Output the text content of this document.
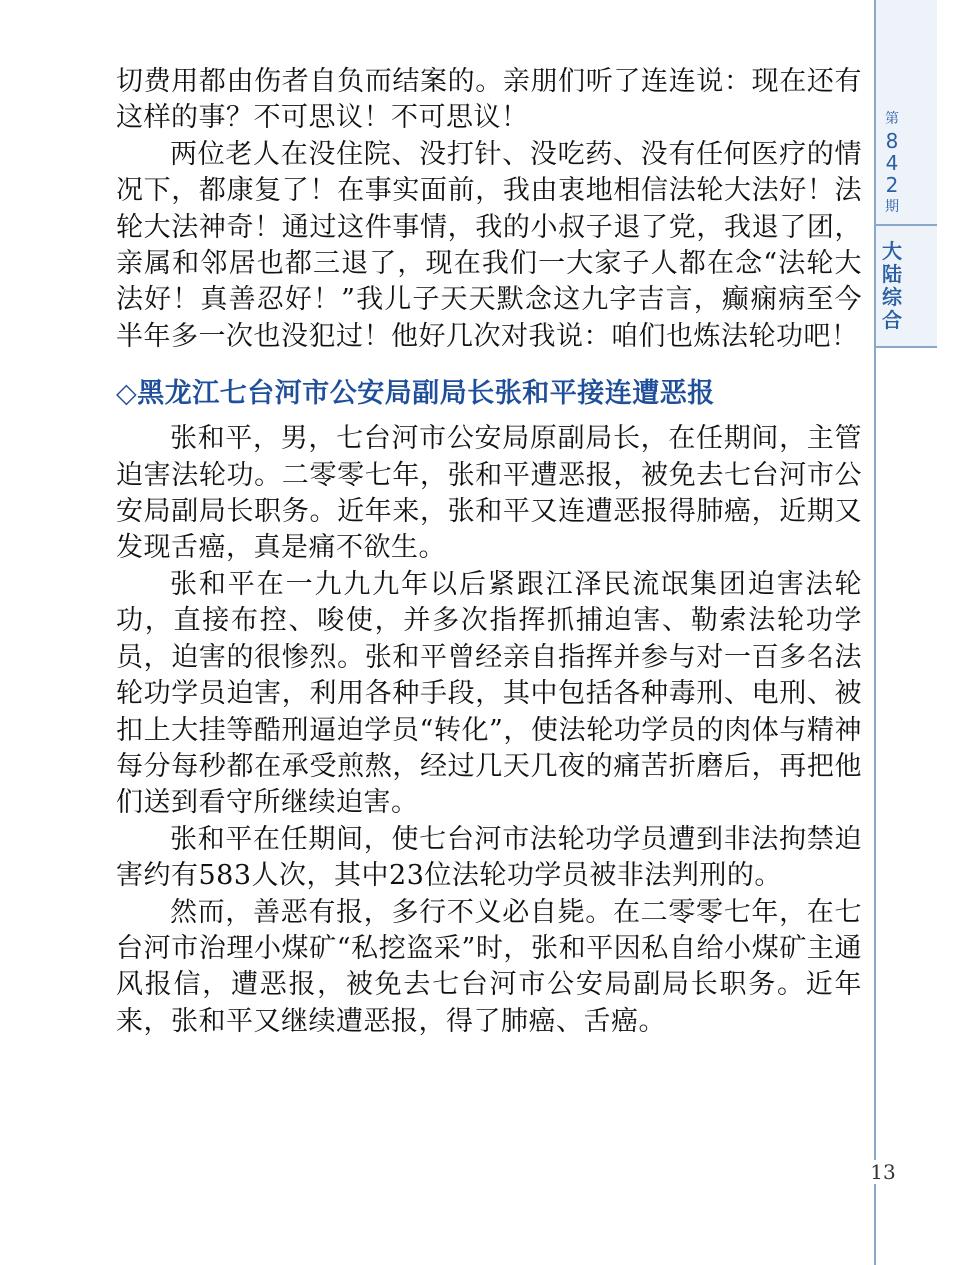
切费用都由伤者自负而结案的。亲朋们听了连连说：现在还有这样的事？不可思议！不可思议！

两位老人在没住院、没打针、没吃药、没有任何医疗的情况下，都康复了！在事实面前，我由衷地相信法轮大法好！法轮大法神奇！通过这件事情，我的小叔子退了党，我退了团，亲属和邻居也都三退了，现在我们一大家子人都在念“法轮大法好！真善忍好！”我儿子天天默念这九字吉言，癫痫病至今半年多一次也没犯过！他好几次对我说：咱们也炼法轮功吧！

◇黑龙江七台河市公安局副局长张和平接连遭恶报

张和平，男，七台河市公安局原副局长，在任期间，主管迫害法轮功。二零零七年，张和平遭恶报，被免去七台河市公安局副局长职务。近年来，张和平又连遭恶报得肺癌，近期又发现舌癌，真是痛不欲生。

张和平在一九九九年以后紧跟江泽民流氓集团迫害法轮功，直接布控、唆使，并多次指挥抓捕迫害、勒索法轮功学员，迫害的很惨烈。张和平曾经亲自指挥并参与对一百多名法轮功学员迫害，利用各种手段，其中包括各种毒刑、电刑、被扣上大挂等酷刑逼迫学员“转化”，使法轮功学员的肉体与精神每分每秒都在承受煎熬，经过几天几夜的痛苦折磨后，再把他们送到看守所继续迫害。

张和平在任期间，使七台河市法轮功学员遭到非法拘禁迫害约有583人次，其中23位法轮功学员被非法判刑的。

然而，善恶有报，多行不义必自毙。在二零零七年，在七台河市治理小煤矿“私挖盗采”时，张和平因私自给小煤矿主通风报信，遭恶报，被免去七台河市公安局副局长职务。近年来，张和平又继续遭恶报，得了肺癌、舌癌。

第
8
4
2
期
大
陆
综
合
13
